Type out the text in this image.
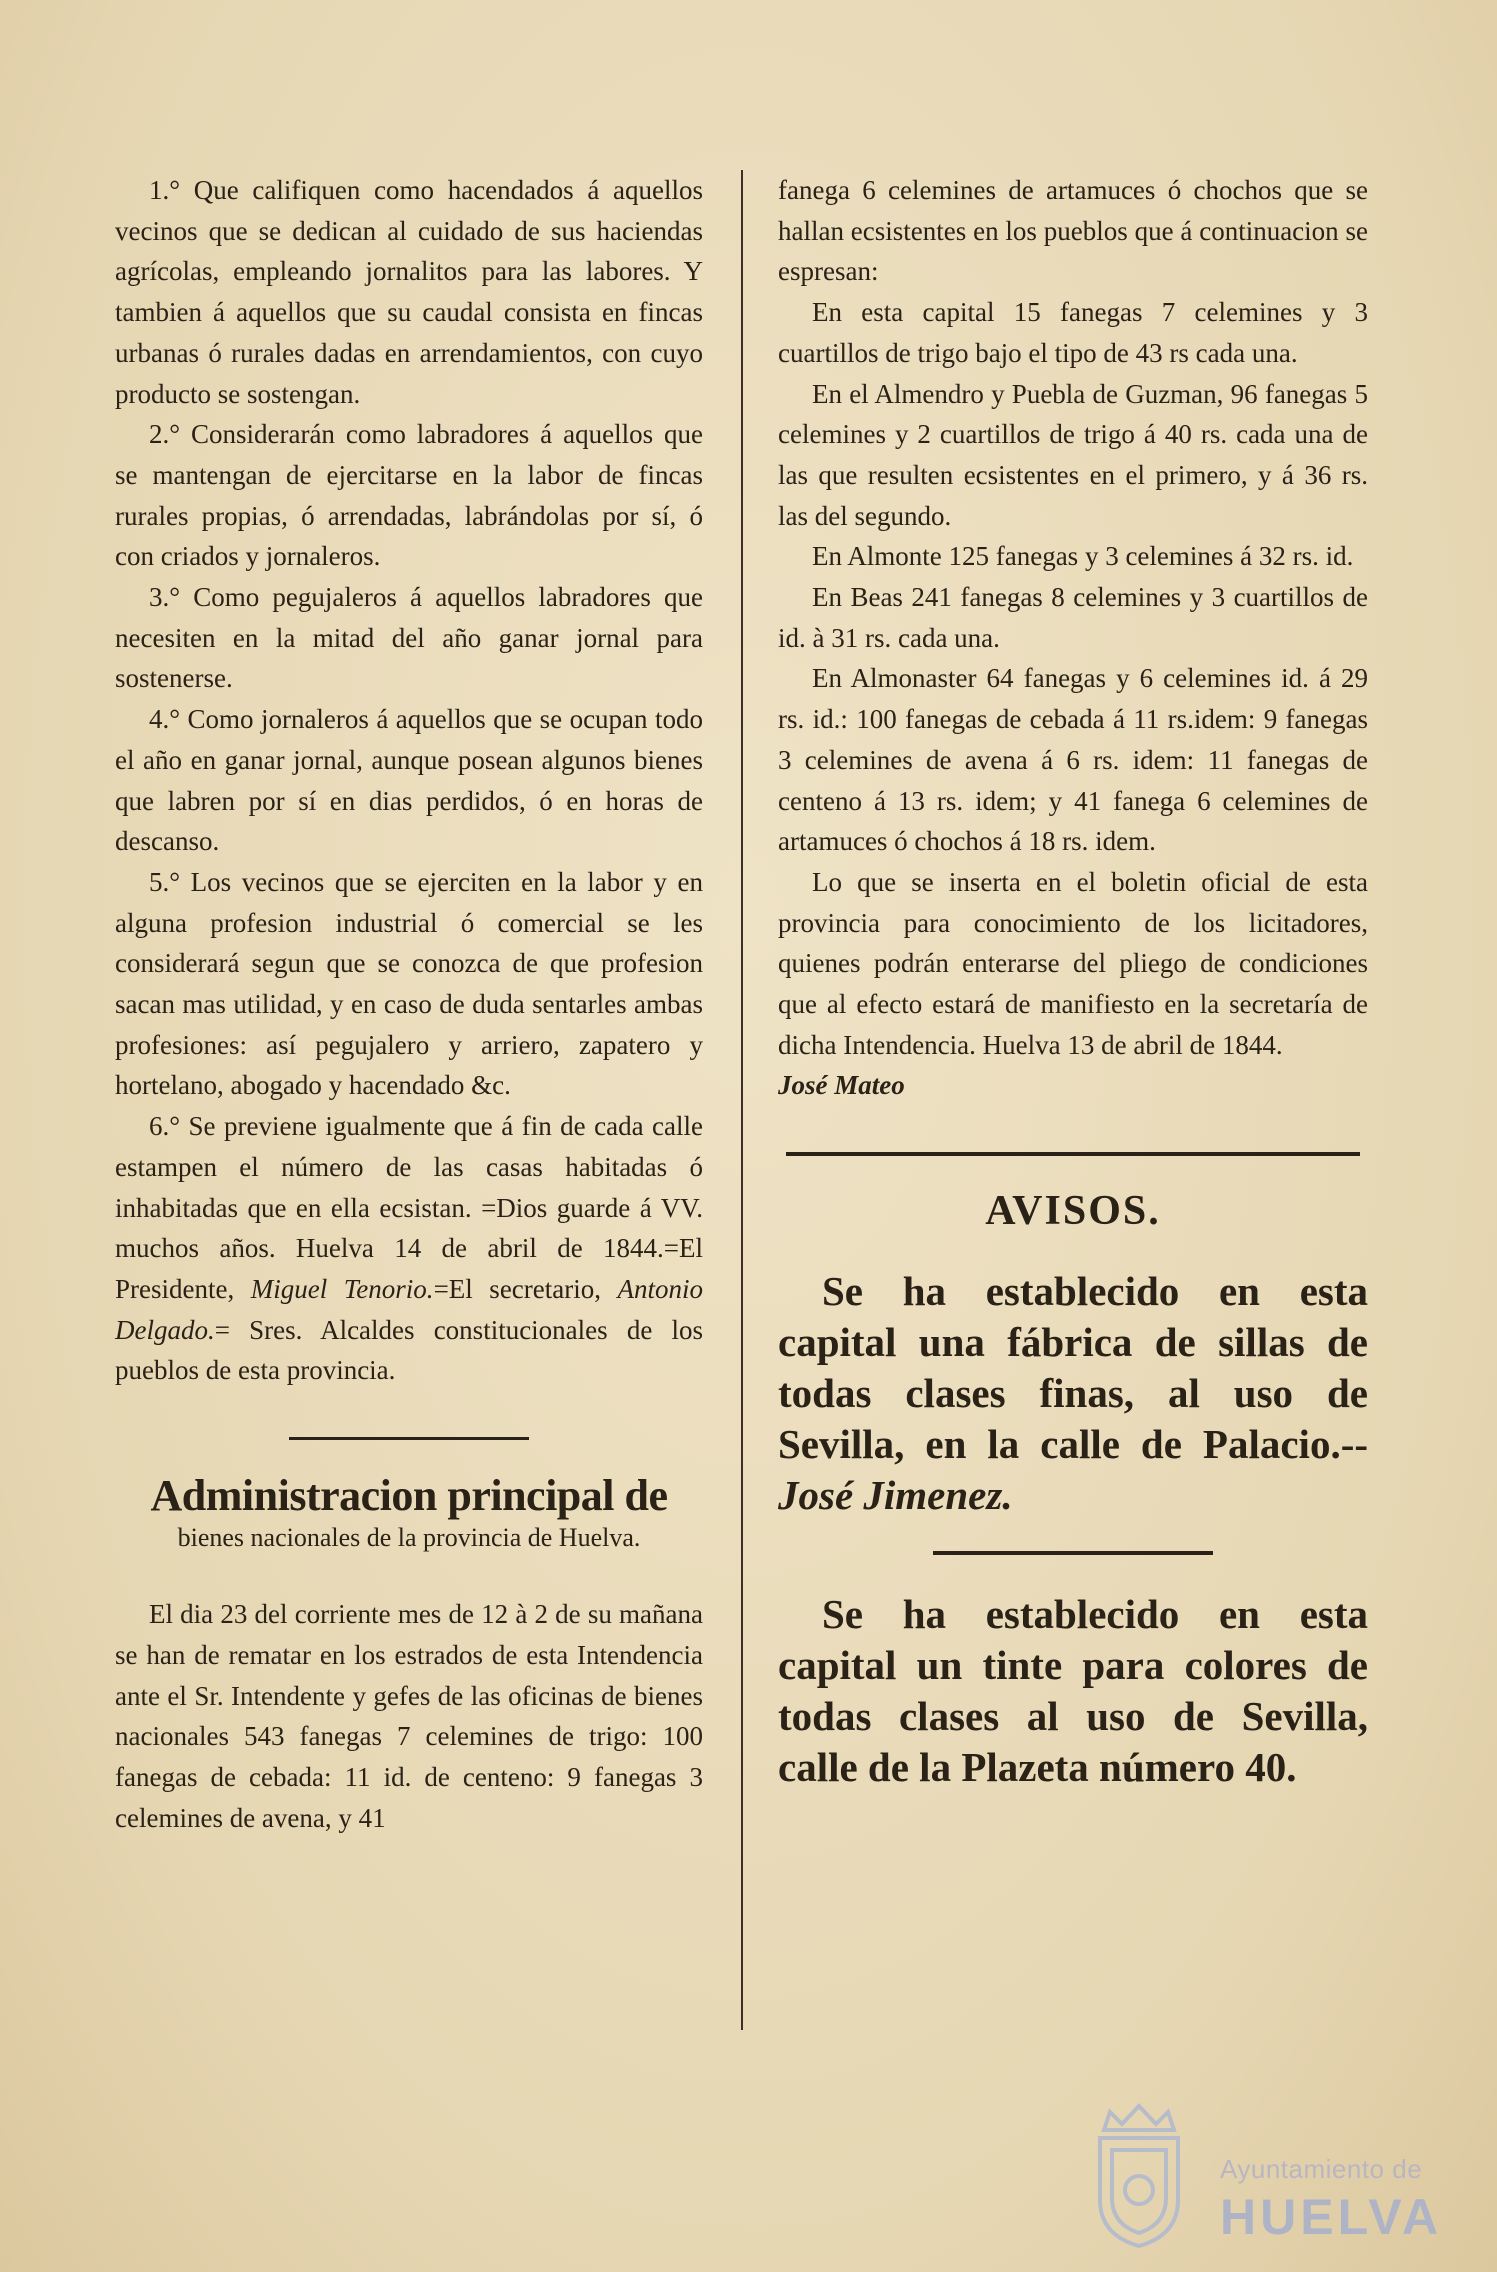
1.° Que califiquen como hacendados á aquellos vecinos que se dedican al cuidado de sus haciendas agrícolas, empleando jornalitos para las labores. Y tambien á aquellos que su caudal consista en fincas urbanas ó rurales dadas en arrendamientos, con cuyo producto se sostengan.

2.° Considerarán como labradores á aquellos que se mantengan de ejercitarse en la labor de fincas rurales propias, ó arrendadas, labrándolas por sí, ó con criados y jornaleros.

3.° Como pegujaleros á aquellos labradores que necesiten en la mitad del año ganar jornal para sostenerse.

4.° Como jornaleros á aquellos que se ocupan todo el año en ganar jornal, aunque posean algunos bienes que labren por sí en dias perdidos, ó en horas de descanso.

5.° Los vecinos que se ejerciten en la labor y en alguna profesion industrial ó comercial se les considerará segun que se conozca de que profesion sacan mas utilidad, y en caso de duda sentarles ambas profesiones: así pegujalero y arriero, zapatero y hortelano, abogado y hacendado &c.

6.° Se previene igualmente que á fin de cada calle estampen el número de las casas habitadas ó inhabitadas que en ella ecsistan. =Dios guarde á VV. muchos años. Huelva 14 de abril de 1844.=El Presidente, Miguel Tenorio.=El secretario, Antonio Delgado.= Sres. Alcaldes constitucionales de los pueblos de esta provincia.

Administracion principal de
bienes nacionales de la provincia de Huelva.

El dia 23 del corriente mes de 12 à 2 de su mañana se han de rematar en los estrados de esta Intendencia ante el Sr. Intendente y gefes de las oficinas de bienes nacionales 543 fanegas 7 celemines de trigo: 100 fanegas de cebada: 11 id. de centeno: 9 fanegas 3 celemines de avena, y 41

fanega 6 celemines de artamuces ó chochos que se hallan ecsistentes en los pueblos que á continuacion se espresan:

En esta capital 15 fanegas 7 celemines y 3 cuartillos de trigo bajo el tipo de 43 rs cada una.

En el Almendro y Puebla de Guzman, 96 fanegas 5 celemines y 2 cuartillos de trigo á 40 rs. cada una de las que resulten ecsistentes en el primero, y á 36 rs. las del segundo.

En Almonte 125 fanegas y 3 celemines á 32 rs. id.

En Beas 241 fanegas 8 celemines y 3 cuartillos de id. à 31 rs. cada una.

En Almonaster 64 fanegas y 6 celemines id. á 29 rs. id.: 100 fanegas de cebada á 11 rs.idem: 9 fanegas 3 celemines de avena á 6 rs. idem: 11 fanegas de centeno á 13 rs. idem; y 41 fanega 6 celemines de artamuces ó chochos á 18 rs. idem.

Lo que se inserta en el boletin oficial de esta provincia para conocimiento de los licitadores, quienes podrán enterarse del pliego de condiciones que al efecto estará de manifiesto en la secretaría de dicha Intendencia. Huelva 13 de abril de 1844.

José Mateo

AVISOS.

Se ha establecido en esta capital una fábrica de sillas de todas clases finas, al uso de Sevilla, en la calle de Palacio.--José Jimenez.

Se ha establecido en esta capital un tinte para colores de todas clases al uso de Sevilla, calle de la Plazeta número 40.

Ayuntamiento de
HUELVA
